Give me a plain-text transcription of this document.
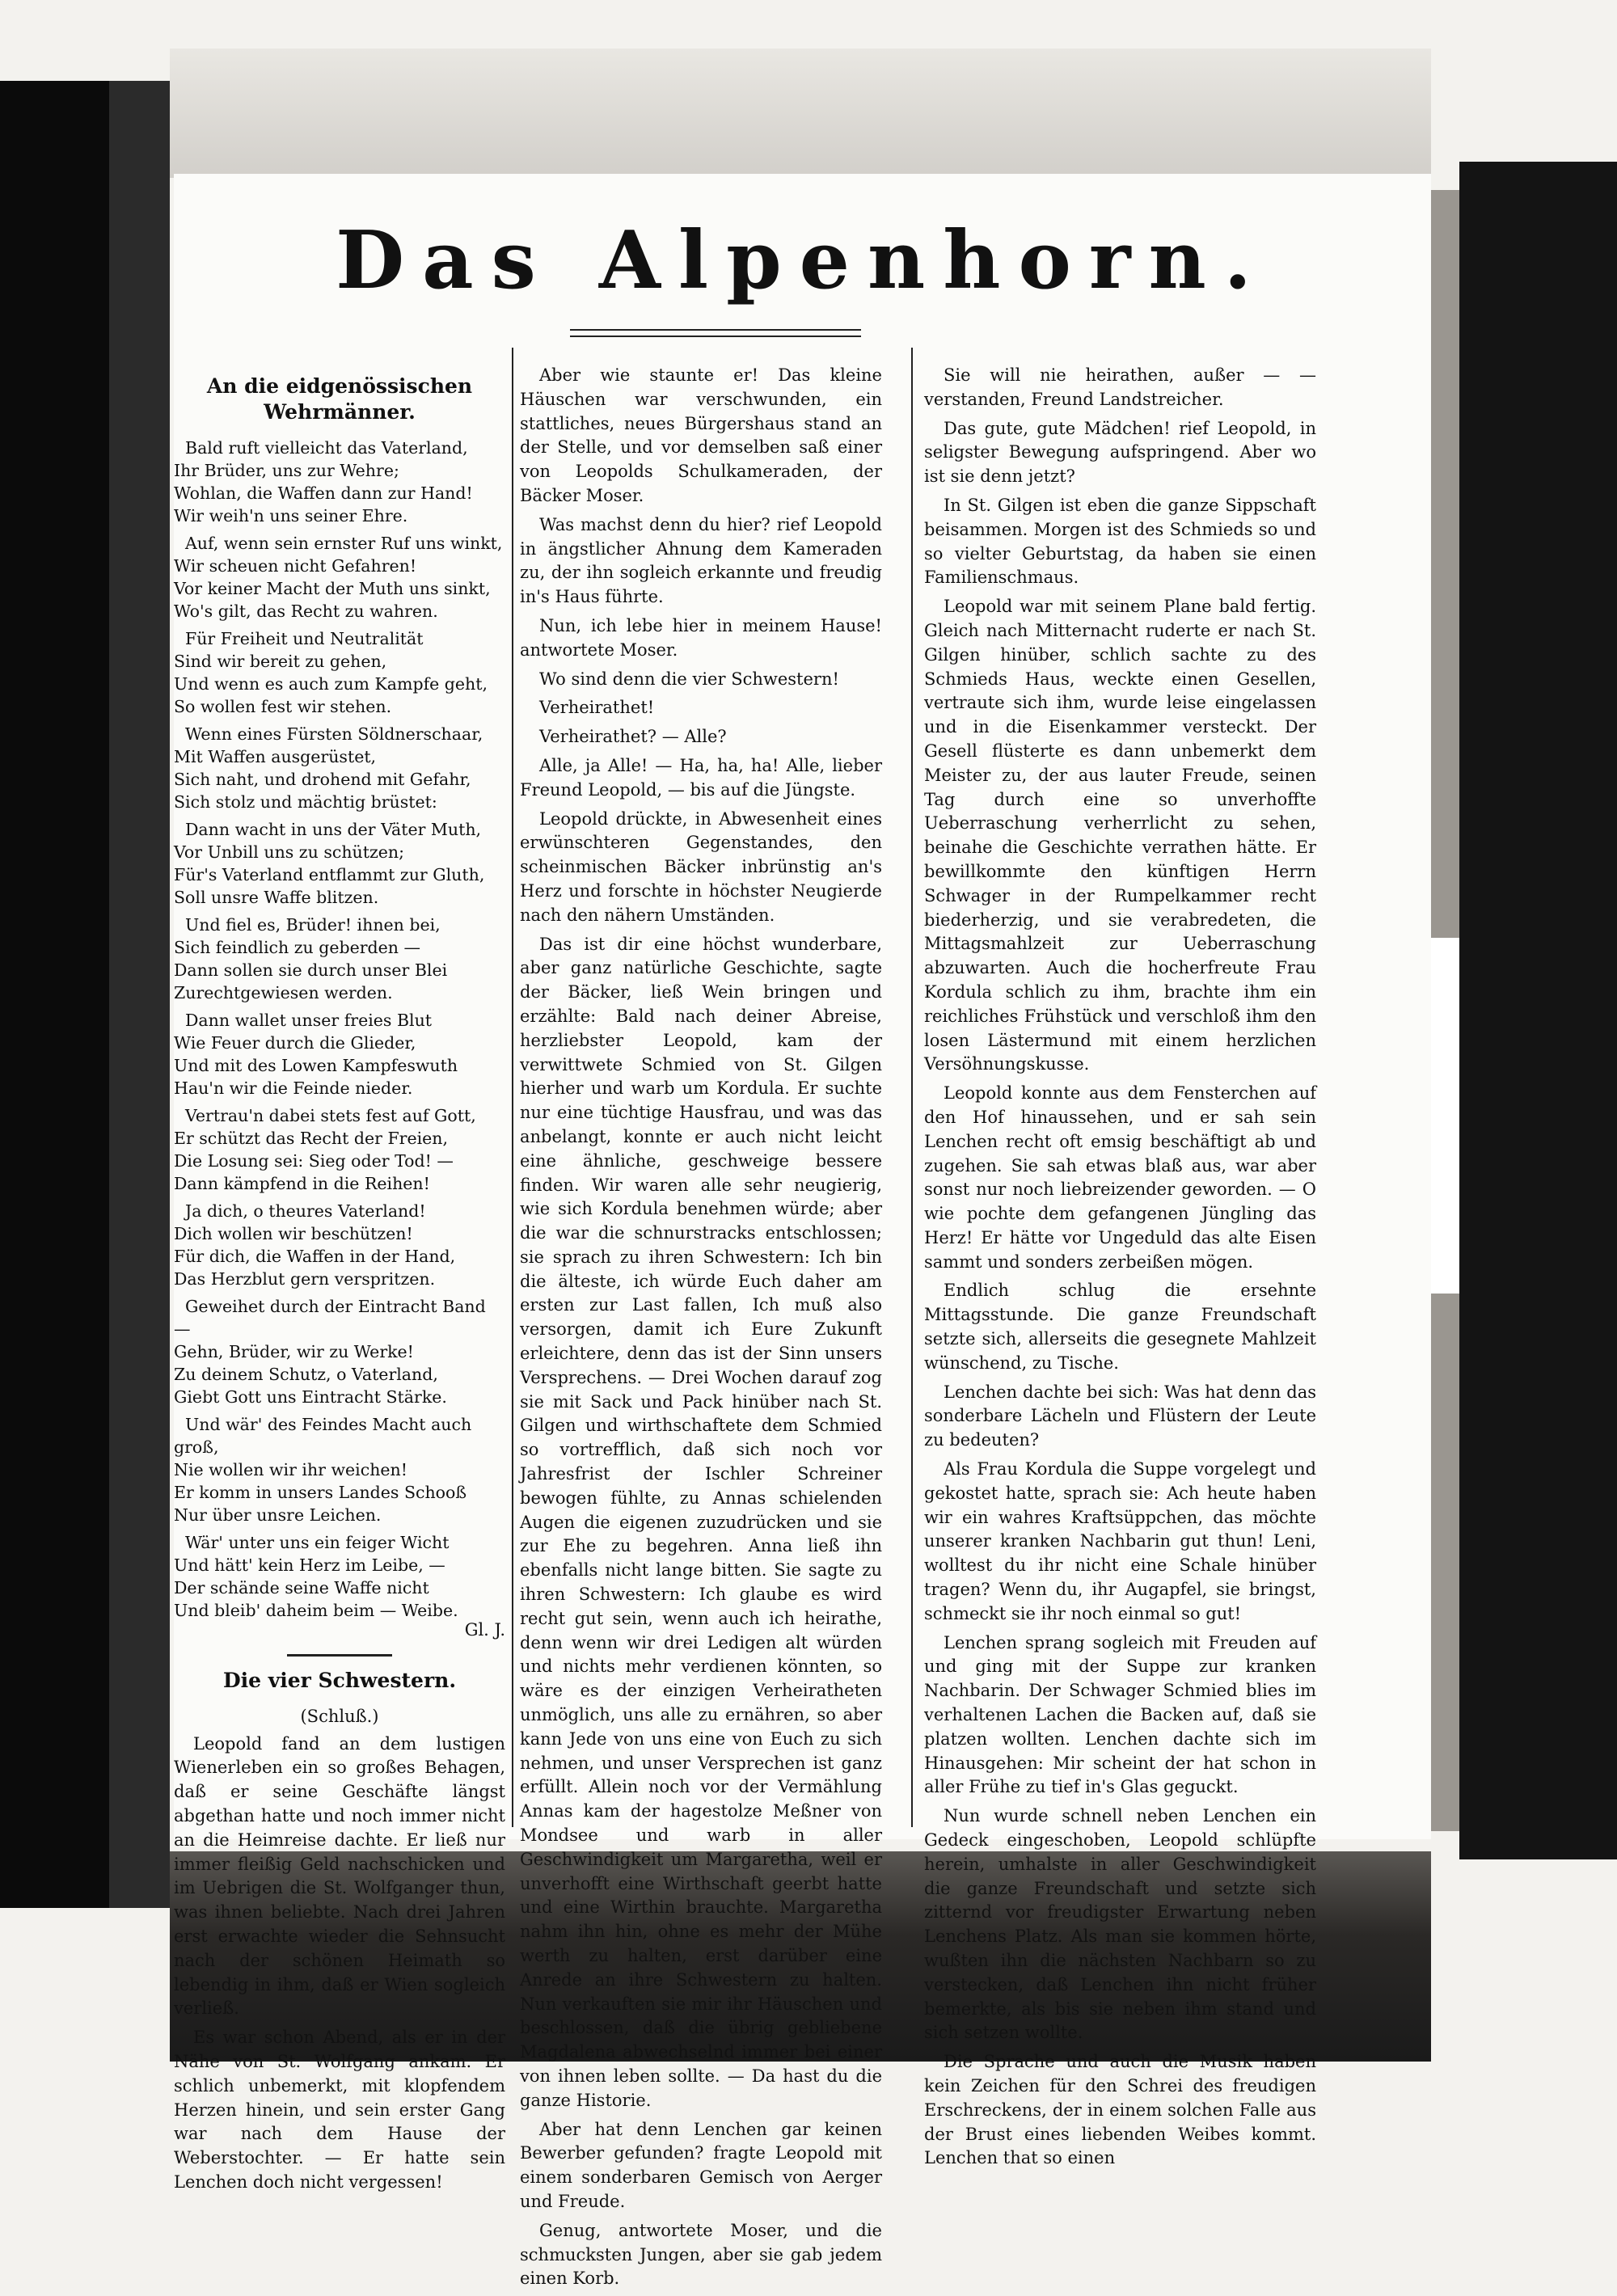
Das Alpenhorn.
An die eidgenössischen Wehrmänner.
Bald ruft vielleicht das Vaterland,
Ihr Brüder, uns zur Wehre;
Wohlan, die Waffen dann zur Hand!
Wir weih'n uns seiner Ehre.
Auf, wenn sein ernster Ruf uns winkt,
Wir scheuen nicht Gefahren!
Vor keiner Macht der Muth uns sinkt,
Wo's gilt, das Recht zu wahren.
Für Freiheit und Neutralität
Sind wir bereit zu gehen,
Und wenn es auch zum Kampfe geht,
So wollen fest wir stehen.
Wenn eines Fürsten Söldnerschaar,
Mit Waffen ausgerüstet,
Sich naht, und drohend mit Gefahr,
Sich stolz und mächtig brüstet:
Dann wacht in uns der Väter Muth,
Vor Unbill uns zu schützen;
Für's Vaterland entflammt zur Gluth,
Soll unsre Waffe blitzen.
Und fiel es, Brüder! ihnen bei,
Sich feindlich zu geberden —
Dann sollen sie durch unser Blei
Zurechtgewiesen werden.
Dann wallet unser freies Blut
Wie Feuer durch die Glieder,
Und mit des Lowen Kampfeswuth
Hau'n wir die Feinde nieder.
Vertrau'n dabei stets fest auf Gott,
Er schützt das Recht der Freien,
Die Losung sei: Sieg oder Tod! —
Dann kämpfend in die Reihen!
Ja dich, o theures Vaterland!
Dich wollen wir beschützen!
Für dich, die Waffen in der Hand,
Das Herzblut gern verspritzen.
Geweihet durch der Eintracht Band —
Gehn, Brüder, wir zu Werke!
Zu deinem Schutz, o Vaterland,
Giebt Gott uns Eintracht Stärke.
Und wär' des Feindes Macht auch groß,
Nie wollen wir ihr weichen!
Er komm in unsers Landes Schooß
Nur über unsre Leichen.
Wär' unter uns ein feiger Wicht
Und hätt' kein Herz im Leibe, —
Der schände seine Waffe nicht
Und bleib' daheim beim — Weibe.
Gl. J.
Die vier Schwestern.
(Schluß.)

Leopold fand an dem lustigen Wienerleben ein so großes Behagen, daß er seine Geschäfte längst abgethan hatte und noch immer nicht an die Heimreise dachte. Er ließ nur immer fleißig Geld nachschicken und im Uebrigen die St. Wolfganger thun, was ihnen beliebte. Nach drei Jahren erst erwachte wieder die Sehnsucht nach der schönen Heimath so lebendig in ihm, daß er Wien sogleich verließ.

Es war schon Abend, als er in der Nähe von St. Wolfgang ankam. Er schlich unbemerkt, mit klopfendem Herzen hinein, und sein erster Gang war nach dem Hause der Weberstochter. — Er hatte sein Lenchen doch nicht vergessen!

Aber wie staunte er! Das kleine Häuschen war verschwunden, ein stattliches, neues Bürgershaus stand an der Stelle, und vor demselben saß einer von Leopolds Schulkameraden, der Bäcker Moser.

Was machst denn du hier? rief Leopold in ängstlicher Ahnung dem Kameraden zu, der ihn sogleich erkannte und freudig in's Haus führte.

Nun, ich lebe hier in meinem Hause! antwortete Moser.

Wo sind denn die vier Schwestern!

Verheirathet!

Verheirathet? — Alle?

Alle, ja Alle! — Ha, ha, ha! Alle, lieber Freund Leopold, — bis auf die Jüngste.

Leopold drückte, in Abwesenheit eines erwünschteren Gegenstandes, den scheinmischen Bäcker inbrünstig an's Herz und forschte in höchster Neugierde nach den nähern Umständen.

Das ist dir eine höchst wunderbare, aber ganz natürliche Geschichte, sagte der Bäcker, ließ Wein bringen und erzählte: Bald nach deiner Abreise, herzliebster Leopold, kam der verwittwete Schmied von St. Gilgen hierher und warb um Kordula. Er suchte nur eine tüchtige Hausfrau, und was das anbelangt, konnte er auch nicht leicht eine ähnliche, geschweige bessere finden. Wir waren alle sehr neugierig, wie sich Kordula benehmen würde; aber die war die schnurstracks entschlossen; sie sprach zu ihren Schwestern: Ich bin die älteste, ich würde Euch daher am ersten zur Last fallen, Ich muß also versorgen, damit ich Eure Zukunft erleichtere, denn das ist der Sinn unsers Versprechens. — Drei Wochen darauf zog sie mit Sack und Pack hinüber nach St. Gilgen und wirthschaftete dem Schmied so vortrefflich, daß sich noch vor Jahresfrist der Ischler Schreiner bewogen fühlte, zu Annas schielenden Augen die eigenen zuzudrücken und sie zur Ehe zu begehren. Anna ließ ihn ebenfalls nicht lange bitten. Sie sagte zu ihren Schwestern: Ich glaube es wird recht gut sein, wenn auch ich heirathe, denn wenn wir drei Ledigen alt würden und nichts mehr verdienen könnten, so wäre es der einzigen Verheiratheten unmöglich, uns alle zu ernähren, so aber kann Jede von uns eine von Euch zu sich nehmen, und unser Versprechen ist ganz erfüllt. Allein noch vor der Vermählung Annas kam der hagestolze Meßner von Mondsee und warb in aller Geschwindigkeit um Margaretha, weil er unverhofft eine Wirthschaft geerbt hatte und eine Wirthin brauchte. Margaretha nahm ihn hin, ohne es mehr der Mühe werth zu halten, erst darüber eine Anrede an ihre Schwestern zu halten. Nun verkauften sie mir ihr Häuschen und beschlossen, daß die übrig gebliebene Magdalena abwechselnd immer bei einer von ihnen leben sollte. — Da hast du die ganze Historie.

Aber hat denn Lenchen gar keinen Bewerber gefunden? fragte Leopold mit einem sonderbaren Gemisch von Aerger und Freude.

Genug, antwortete Moser, und die schmucksten Jungen, aber sie gab jedem einen Korb.

Sie will nie heirathen, außer — — verstanden, Freund Landstreicher.

Das gute, gute Mädchen! rief Leopold, in seligster Bewegung aufspringend. Aber wo ist sie denn jetzt?

In St. Gilgen ist eben die ganze Sippschaft beisammen. Morgen ist des Schmieds so und so vielter Geburtstag, da haben sie einen Familienschmaus.

Leopold war mit seinem Plane bald fertig. Gleich nach Mitternacht ruderte er nach St. Gilgen hinüber, schlich sachte zu des Schmieds Haus, weckte einen Gesellen, vertraute sich ihm, wurde leise eingelassen und in die Eisenkammer versteckt. Der Gesell flüsterte es dann unbemerkt dem Meister zu, der aus lauter Freude, seinen Tag durch eine so unverhoffte Ueberraschung verherrlicht zu sehen, beinahe die Geschichte verrathen hätte. Er bewillkommte den künftigen Herrn Schwager in der Rumpelkammer recht biederherzig, und sie verabredeten, die Mittagsmahlzeit zur Ueberraschung abzuwarten. Auch die hocherfreute Frau Kordula schlich zu ihm, brachte ihm ein reichliches Frühstück und verschloß ihm den losen Lästermund mit einem herzlichen Versöhnungskusse.

Leopold konnte aus dem Fensterchen auf den Hof hinaussehen, und er sah sein Lenchen recht oft emsig beschäftigt ab und zugehen. Sie sah etwas blaß aus, war aber sonst nur noch liebreizender geworden. — O wie pochte dem gefangenen Jüngling das Herz! Er hätte vor Ungeduld das alte Eisen sammt und sonders zerbeißen mögen.

Endlich schlug die ersehnte Mittagsstunde. Die ganze Freundschaft setzte sich, allerseits die gesegnete Mahlzeit wünschend, zu Tische.

Lenchen dachte bei sich: Was hat denn das sonderbare Lächeln und Flüstern der Leute zu bedeuten?

Als Frau Kordula die Suppe vorgelegt und gekostet hatte, sprach sie: Ach heute haben wir ein wahres Kraftsüppchen, das möchte unserer kranken Nachbarin gut thun! Leni, wolltest du ihr nicht eine Schale hinüber tragen? Wenn du, ihr Augapfel, sie bringst, schmeckt sie ihr noch einmal so gut!

Lenchen sprang sogleich mit Freuden auf und ging mit der Suppe zur kranken Nachbarin. Der Schwager Schmied blies im verhaltenen Lachen die Backen auf, daß sie platzen wollten. Lenchen dachte sich im Hinausgehen: Mir scheint der hat schon in aller Frühe zu tief in's Glas geguckt.

Nun wurde schnell neben Lenchen ein Gedeck eingeschoben, Leopold schlüpfte herein, umhalste in aller Geschwindigkeit die ganze Freundschaft und setzte sich zitternd vor freudigster Erwartung neben Lenchens Platz. Als man sie kommen hörte, wußten ihn die nächsten Nachbarn so zu verstecken, daß Lenchen ihn nicht früher bemerkte, als bis sie neben ihm stand und sich setzen wollte.

Die Sprache und auch die Musik haben kein Zeichen für den Schrei des freudigen Erschreckens, der in einem solchen Falle aus der Brust eines liebenden Weibes kommt. Lenchen that so einen
